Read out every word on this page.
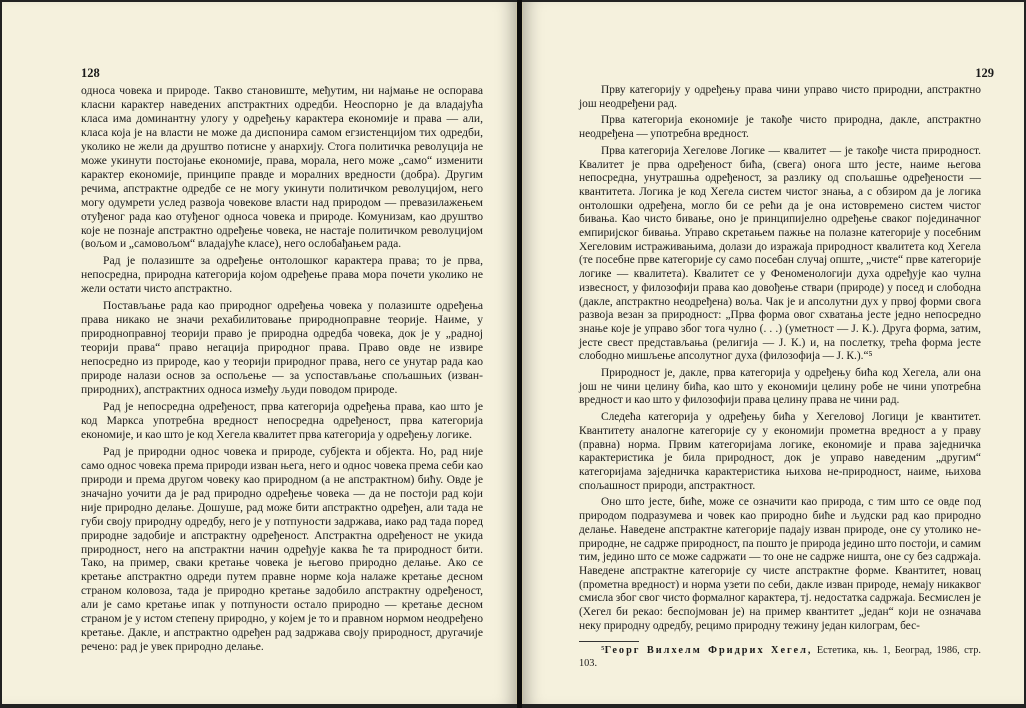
128

односа човека и природе. Такво становиште, међутим, ни најмање не оспорава класни карактер наведених апстрактних одредби. Неоспорно је да владајућа класа има доминантну улогу у одређењу карактера економије и права — али, класа која је на власти не може да диспонира самом егзистенцијом тих одредби, уколико не жели да друштво потисне у анархију. Стога политичка револуција не може укинути постојање економије, права, морала, него може „само“ изменити карактер економије, принципе правде и моралних вредности (добра). Другим речима, апстрактне одредбе се не могу укинути политичком револуцијом, него могу одумрети услед развоја човековe власти над природом — превазилажењем отуђеног рада као отуђеног односа човека и природе. Комунизам, као друштво које не познаје апстрактно одређење човека, не настаје политичком револуцијом (вољом и „самовољом“ владајуће класе), него ослобађањем рада.

Рад је полазиште за одређење онтолошког карактера права; то је прва, непосредна, природна категорија којом одређење права мора почети уколико не жели остати чисто апстрактно.

Постављање рада као природног одређења човека у полазиште одређења права никако не значи рехабилитовање природноправне теорије. Наиме, у природноправној теорији право је природна одредба човека, док је у „радној теорији права“ право негација природног права. Право овде не извире непосредно из природе, као у теорији природног права, него се унутар рада као природе налази основ за оспољење — за успостављање спољашњих (изван-природних), апстрактних односа између људи поводом природе.

Рад је непосредна одређеност, прва категорија одређења права, као што је код Маркса употребна вредност непосредна одређеност, прва категорија економије, и као што је код Хегела квалитет прва категорија у одређењу логике.

Рад је природни однос човека и природе, субјекта и објекта. Но, рад није само однос човека према природи изван њега, него и однос човека према себи као природи и према другом човеку као природном (а не апстрактном) бићу. Овде је значајно уочити да је рад природно одређење човека — да не постоји рад који није природно делање. Дошуше, рад може бити апстрактно одређен, али тада не губи своју природну одредбу, него је у потпуности задржава, иако рад тада поред природне задобије и апстрактну одређеност. Апстрактна одређеност не укида природност, него на апстрактни начин одређује каква ће та природност бити. Тако, на пример, сваки кретање човека је његово природно делање. Ако се кретање апстрактно одреди путем правне норме која налаже кретање десном страном коловоза, тада је природно кретање задобило апстрактну одређеност, али је само кретање ипак у потпуности остало природно — кретање десном страном је у истом степену природно, у којем је то и правном нормом неодређено кретање. Дакле, и апстрактно одређен рад задржава своју природност, другачије речено: рад је увек природно делање.

129

Прву категорију у одређењу права чини управо чисто природни, апстрактно још неодређени рад.

Прва категорија економије је такође чисто природна, дакле, апстрактно неодређена — употребна вредност.

Прва категорија Хегелове Логике — квалитет — је такође чиста природност. Квалитет је прва одређеност бића, (свега) онога што јесте, наиме његова непосредна, унутрашња одређеност, за разлику од спољашње одређености — квантитета. Логика је код Хегела систем чистог знања, а с обзиром да је логика онтолошки одређена, могло би се рећи да је она истовремено систем чистог бивања. Као чисто бивање, оно је принципијелно одређење сваког појединачног емпиријског бивања. Управо скретањем пажње на полазне категорије у посебним Хегеловим истраживањима, долази до изражаја природност квалитета код Хегела (те посебне прве категорије су само посебан случај опште, „чисте“ прве категорије логике — квалитета). Квалитет се у Феноменологији духа одређује као чулна извесност, у филозофији права као довођење ствари (природе) у посед и слободна (дакле, апстрактно неодређена) воља. Чак је и апсолутни дух у првој форми свога развоја везан за природност: „Прва форма овог схватања јесте једно непосредно знање које је управо због тога чулно (. . .) (уметност — Ј. К.). Друга форма, затим, јесте свест представљања (религија — Ј. К.) и, на послетку, трећа форма јесте слободно мишљење апсолутног духа (филозофија — Ј. К.).“⁵

Природност је, дакле, прва категорија у одређењу бића код Хегела, али она још не чини целину бића, као што у економији целину робе не чини употребна вредност и као што у филозофији права целину права не чини рад.

Следећа категорија у одређењу бића у Хегеловој Логици је квантитет. Квантитету аналогне категорије су у економији прометна вредност а у праву (правна) норма. Првим категоријама логике, економије и права заједничка карактеристика је била природност, док је управо наведеним „другим“ категоријама заједничка карактеристика њихова не-природност, наиме, њихова спољашност природи, апстрактност.

Оно што јесте, биће, може се означити као природа, с тим што се овде под природом подразумева и човек као природно биће и људски рад као природно делање. Наведене апстрактне категорије падају изван природе, оне су утолико не-природне, не садрже природност, па пошто је природа једино што постоји, и самим тим, једино што се може садржати — то оне не садрже ништа, оне су без садржаја. Наведене апстрактне категорије су чисте апстрактне форме. Квантитет, новац (прометна вредност) и норма узети по себи, дакле изван природе, немају никаквог смисла због свог чисто формалног карактера, тј. недостатка садржаја. Бесмислен је (Хегел би рекао: беспојмован је) на пример квантитет „један“ који не означава неку природну одредбу, рецимо природну тежину један килограм, бес-

⁵Георг Вилхелм Фридрих Хегел, Естетика, књ. 1, Београд, 1986, стр. 103.
